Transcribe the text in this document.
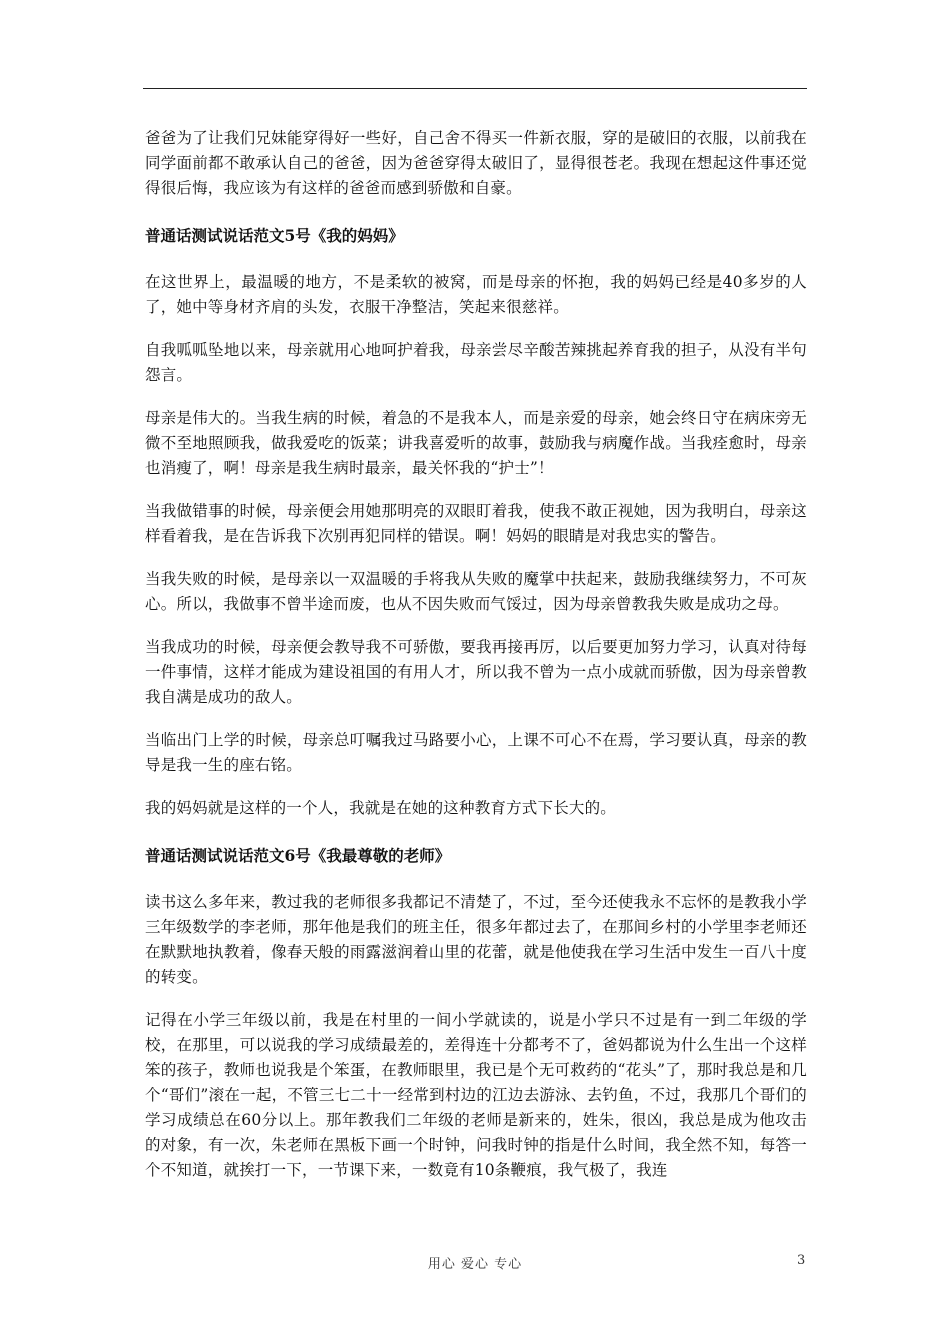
爸爸为了让我们兄妹能穿得好一些好，自己舍不得买一件新衣服，穿的是破旧的衣服，以前我在同学面前都不敢承认自己的爸爸，因为爸爸穿得太破旧了，显得很苍老。我现在想起这件事还觉得很后悔，我应该为有这样的爸爸而感到骄傲和自豪。

普通话测试说话范文5号《我的妈妈》

在这世界上，最温暖的地方，不是柔软的被窝，而是母亲的怀抱，我的妈妈已经是40多岁的人了，她中等身材齐肩的头发，衣服干净整洁，笑起来很慈祥。

自我呱呱坠地以来，母亲就用心地呵护着我，母亲尝尽辛酸苦辣挑起养育我的担子，从没有半句怨言。

母亲是伟大的。当我生病的时候，着急的不是我本人，而是亲爱的母亲，她会终日守在病床旁无微不至地照顾我，做我爱吃的饭菜；讲我喜爱听的故事，鼓励我与病魔作战。当我痊愈时，母亲也消瘦了，啊！母亲是我生病时最亲，最关怀我的“护士”！

当我做错事的时候，母亲便会用她那明亮的双眼盯着我，使我不敢正视她，因为我明白，母亲这样看着我，是在告诉我下次别再犯同样的错误。啊！妈妈的眼睛是对我忠实的警告。

当我失败的时候，是母亲以一双温暖的手将我从失败的魔掌中扶起来，鼓励我继续努力，不可灰心。所以，我做事不曾半途而废，也从不因失败而气馁过，因为母亲曾教我失败是成功之母。

当我成功的时候，母亲便会教导我不可骄傲，要我再接再厉，以后要更加努力学习，认真对待每一件事情，这样才能成为建设祖国的有用人才，所以我不曾为一点小成就而骄傲，因为母亲曾教我自满是成功的敌人。

当临出门上学的时候，母亲总叮嘱我过马路要小心，上课不可心不在焉，学习要认真，母亲的教导是我一生的座右铭。

我的妈妈就是这样的一个人，我就是在她的这种教育方式下长大的。

普通话测试说话范文6号《我最尊敬的老师》

读书这么多年来，教过我的老师很多我都记不清楚了，不过，至今还使我永不忘怀的是教我小学三年级数学的李老师，那年他是我们的班主任，很多年都过去了，在那间乡村的小学里李老师还在默默地执教着，像春天般的雨露滋润着山里的花蕾，就是他使我在学习生活中发生一百八十度的转变。

记得在小学三年级以前，我是在村里的一间小学就读的，说是小学只不过是有一到二年级的学校，在那里，可以说我的学习成绩最差的，差得连十分都考不了，爸妈都说为什么生出一个这样笨的孩子，教师也说我是个笨蛋，在教师眼里，我已是个无可救药的“花头”了，那时我总是和几个“哥们”滚在一起，不管三七二十一经常到村边的江边去游泳、去钓鱼，不过，我那几个哥们的学习成绩总在60分以上。那年教我们二年级的老师是新来的，姓朱，很凶，我总是成为他攻击的对象，有一次，朱老师在黑板下画一个时钟，问我时钟的指是什么时间，我全然不知，每答一个不知道，就挨打一下，一节课下来，一数竟有10条鞭痕，我气极了，我连

用心 爱心 专心	3
